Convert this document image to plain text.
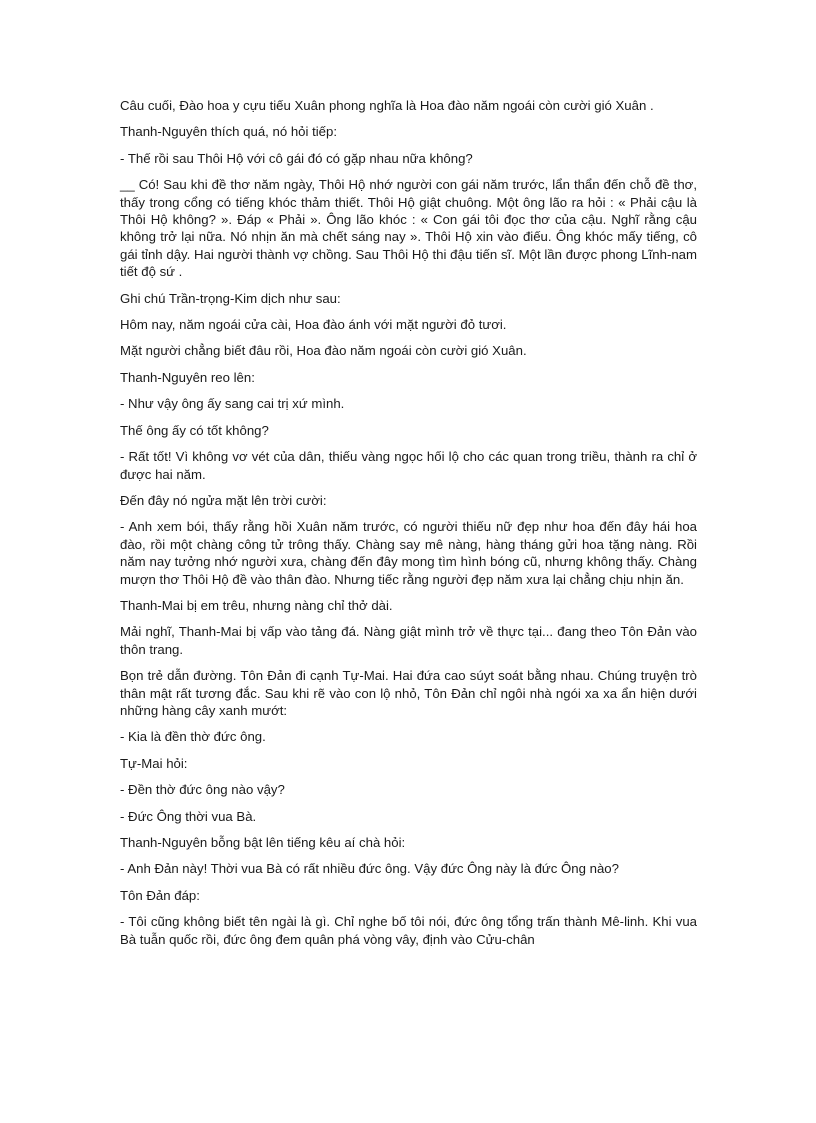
Câu cuối, Đào hoa y cựu tiếu Xuân phong nghĩa là Hoa đào năm ngoái còn cười gió Xuân .

Thanh-Nguyên thích quá, nó hỏi tiếp:

- Thế rồi sau Thôi Hộ với cô gái đó có gặp nhau nữa không?

__ Có! Sau khi đề thơ năm ngày, Thôi Hộ nhớ người con gái năm trước, lẩn thẩn đến chỗ đề thơ, thấy trong cổng có tiếng khóc thảm thiết. Thôi Hộ giật chuông. Một ông lão ra hỏi : « Phải cậu là Thôi Hộ không? ». Đáp « Phải ». Ông lão khóc : « Con gái tôi đọc thơ của cậu. Nghĩ rằng cậu không trở lại nữa. Nó nhịn ăn mà chết sáng nay ». Thôi Hộ xin vào điếu. Ông khóc mấy tiếng, cô gái tỉnh dậy. Hai người thành vợ chồng. Sau Thôi Hộ thi đậu tiến sĩ. Một lần được phong Lĩnh-nam tiết độ sứ .

Ghi chú Trần-trọng-Kim dịch như sau:

Hôm nay, năm ngoái cửa cài, Hoa đào ánh với mặt người đỏ tươi.

Mặt người chẳng biết đâu rồi, Hoa đào năm ngoái còn cười gió Xuân.

Thanh-Nguyên reo lên:

- Như vậy ông ấy sang cai trị xứ mình.

Thế ông ấy có tốt không?

- Rất tốt! Vì không vơ vét của dân, thiếu vàng ngọc hối lộ cho các quan trong triều, thành ra chỉ ở được hai năm.

Đến đây nó ngửa mặt lên trời cười:

- Anh xem bói, thấy rằng hồi Xuân năm trước, có người thiếu nữ đẹp như hoa đến đây hái hoa đào, rồi một chàng công tử trông thấy. Chàng say mê nàng, hàng tháng gửi hoa tặng nàng. Rồi năm nay tưởng nhớ người xưa, chàng đến đây mong tìm hình bóng cũ, nhưng không thấy. Chàng mượn thơ Thôi Hộ đề vào thân đào. Nhưng tiếc rằng người đẹp năm xưa lại chẳng chịu nhịn ăn.

Thanh-Mai bị em trêu, nhưng nàng chỉ thở dài.

Mải nghĩ, Thanh-Mai bị vấp vào tảng đá. Nàng giật mình trở về thực tại... đang theo Tôn Đản vào thôn trang.

Bọn trẻ dẫn đường. Tôn Đản đi cạnh Tự-Mai. Hai đứa cao súyt soát bằng nhau. Chúng truyện trò thân mật rất tương đắc. Sau khi rẽ vào con lộ nhỏ, Tôn Đản chỉ ngôi nhà ngói xa xa ẩn hiện dưới những hàng cây xanh mướt:

- Kia là đền thờ đức ông.

Tự-Mai hỏi:

- Đền thờ đức ông nào vậy?

- Đức Ông thời vua Bà.

Thanh-Nguyên bỗng bật lên tiếng kêu aí chà hỏi:

- Anh Đản này! Thời vua Bà có rất nhiều đức ông. Vậy đức Ông này là đức Ông nào?

Tôn Đản đáp:

- Tôi cũng không biết tên ngài là gì. Chỉ nghe bố tôi nói, đức ông tổng trấn thành Mê-linh. Khi vua Bà tuẫn quốc rồi, đức ông đem quân phá vòng vây, định vào Cửu-chân
